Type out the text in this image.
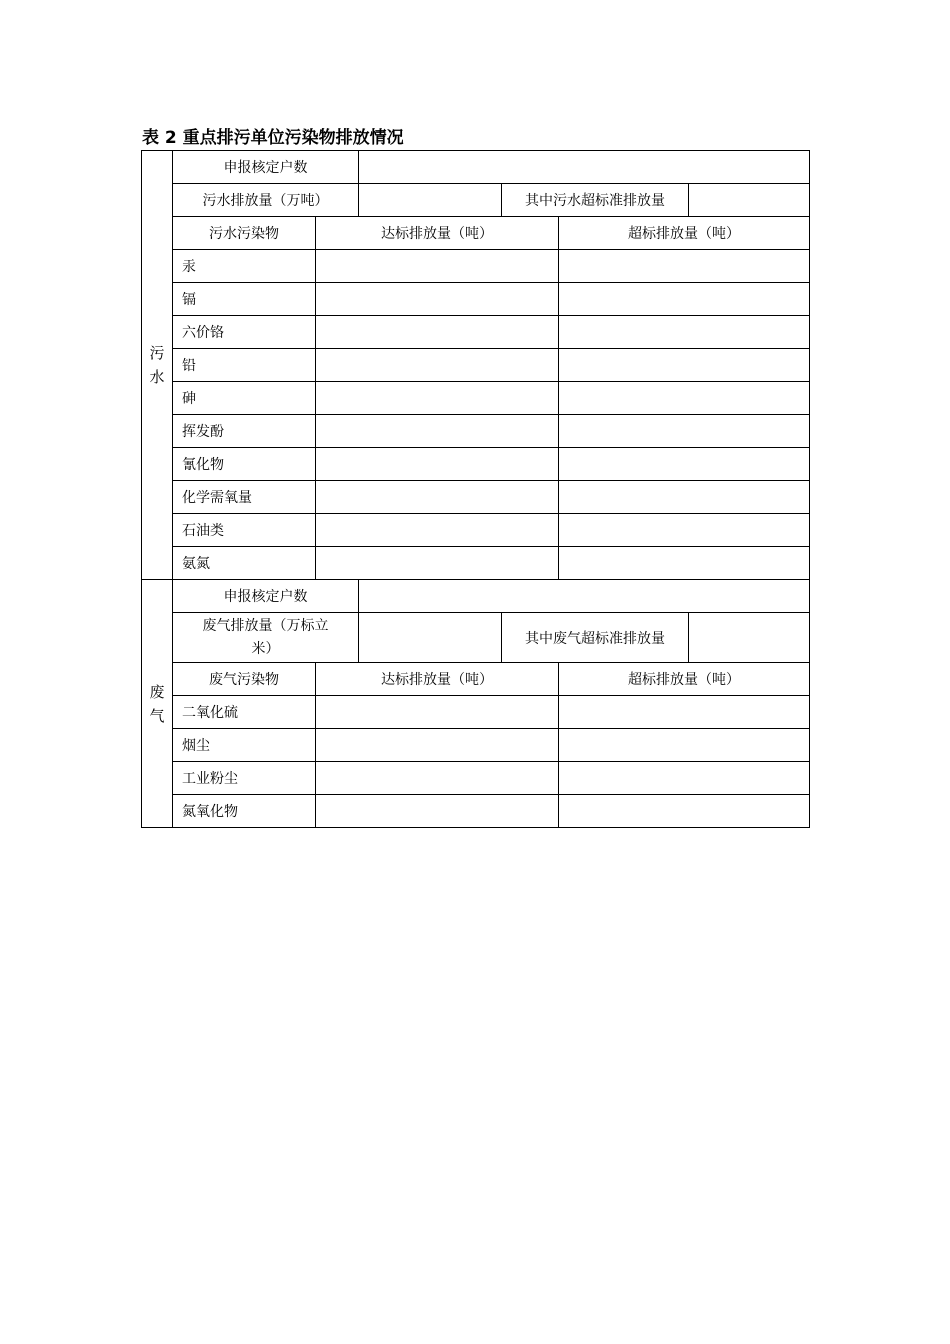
表 2 重点排污单位污染物排放情况
污
水	申报核定户数					
	污水排放量（万吨）			其中污水超标准排放量		
	污水污染物	达标排放量（吨）			超标排放量（吨）	
	汞					
	镉					
	六价铬					
	铅					
	砷					
	挥发酚					
	氰化物					
	化学需氧量					
	石油类					
	氨氮					

废
气	申报核定户数					

	废气排放量（万标立
米）			其中废气超标准排放量		
	废气污染物	达标排放量（吨）			超标排放量（吨）	
	二氧化硫					
	烟尘					
	工业粉尘					
	氮氧化物					
